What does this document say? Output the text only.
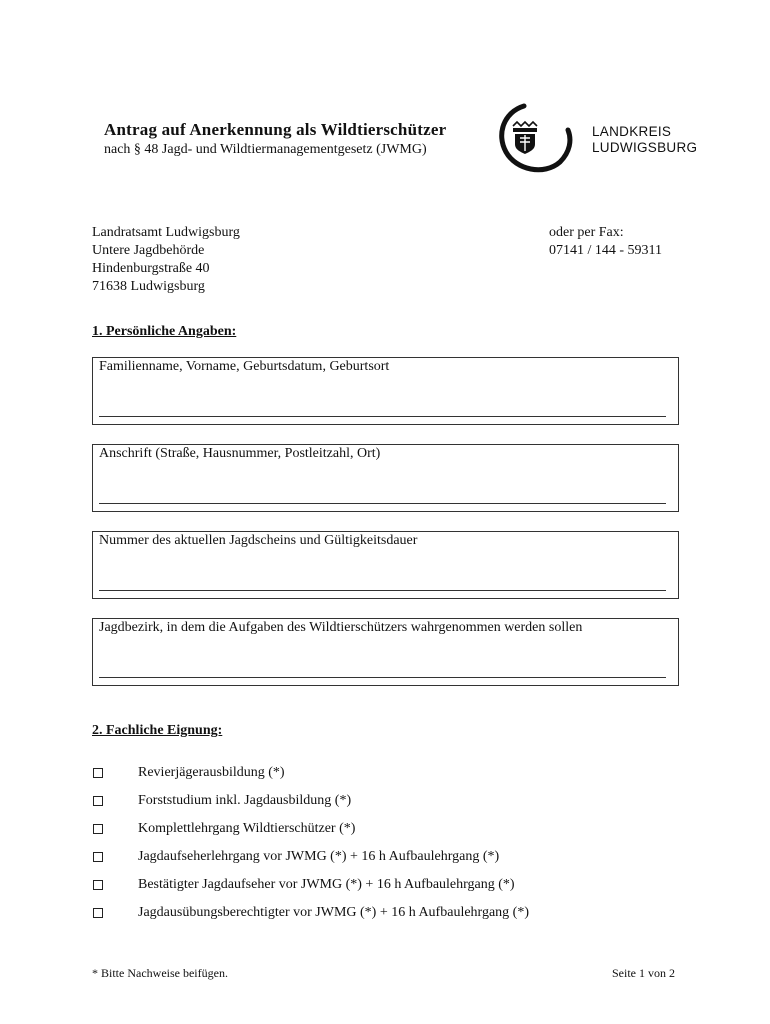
Antrag auf Anerkennung als Wildtierschützer
nach § 48 Jagd- und Wildtiermanagementgesetz (JWMG)
LANDKREIS
LUDWIGSBURG
Landratsamt Ludwigsburg
Untere Jagdbehörde
Hindenburgstraße 40
71638 Ludwigsburg
oder per Fax:
07141 / 144 - 59311
1. Persönliche Angaben:
Familienname, Vorname, Geburtsdatum, Geburtsort
Anschrift (Straße, Hausnummer, Postleitzahl, Ort)
Nummer des aktuellen Jagdscheins und Gültigkeitsdauer
Jagdbezirk, in dem die Aufgaben des Wildtierschützers wahrgenommen werden sollen
2. Fachliche Eignung:
Revierjägerausbildung (*)
Forststudium inkl. Jagdausbildung (*)
Komplettlehrgang Wildtierschützer (*)
Jagdaufseherlehrgang vor JWMG (*) + 16 h Aufbaulehrgang (*)
Bestätigter Jagdaufseher vor JWMG (*) + 16 h Aufbaulehrgang (*)
Jagdausübungsberechtigter vor JWMG (*) + 16 h Aufbaulehrgang (*)
* Bitte Nachweise beifügen.	Seite 1 von 2
